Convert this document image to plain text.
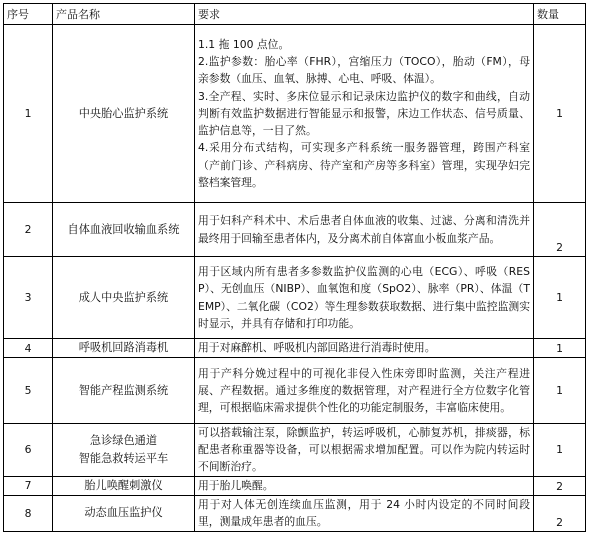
序号	产品名称	要求	数量
1	中央胎心监护系统	1.1 拖 100 点位。
2.监护参数：胎心率（FHR），宫缩压力（TOCO），胎动（FM），母亲参数（血压、血氧、脉搏、心电、呼吸、体温）。
3.全产程、实时、多床位显示和记录床边监护仪的数字和曲线，自动判断有效监护数据进行智能显示和报警，床边工作状态、信号质量、监护信息等，一目了然。
4.采用分布式结构，可实现多产科系统一服务器管理，跨围产科室（产前门诊、产科病房、待产室和产房等多科室）管理，实现孕妇完整档案管理。	1
2	自体血液回收输血系统	用于妇科产科术中、术后患者自体血液的收集、过滤、分离和清洗并最终用于回输至患者体内，及分离术前自体富血小板血浆产品。	2
3	成人中央监护系统	用于区域内所有患者多参数监护仪监测的心电（ECG）、呼吸（RESP）、无创血压（NIBP）、血氧饱和度（SpO2）、脉率（PR）、体温（TEMP）、二氧化碳（CO2）等生理参数获取数据、进行集中监控监测实时显示，并具有存储和打印功能。	1
4	呼吸机回路消毒机	用于对麻醉机、呼吸机内部回路进行消毒时使用。	1
5	智能产程监测系统	用于产科分娩过程中的可视化非侵入性床旁即时监测，关注产程进展、产程数据。通过多维度的数据管理，对产程进行全方位数字化管理，可根据临床需求提供个性化的功能定制服务，丰富临床使用。	1
6	急诊绿色通道
智能急救转运平车	可以搭载输注泵，除颤监护，转运呼吸机，心肺复苏机，排痰器，标配患者称重器等设备，可以根据需求增加配置。可以作为院内转运时不间断治疗。	1
7	胎儿唤醒刺激仪	用于胎儿唤醒。	2
8	动态血压监护仪	用于对人体无创连续血压监测，用于 24 小时内设定的不同时间段里，测量成年患者的血压。	2
